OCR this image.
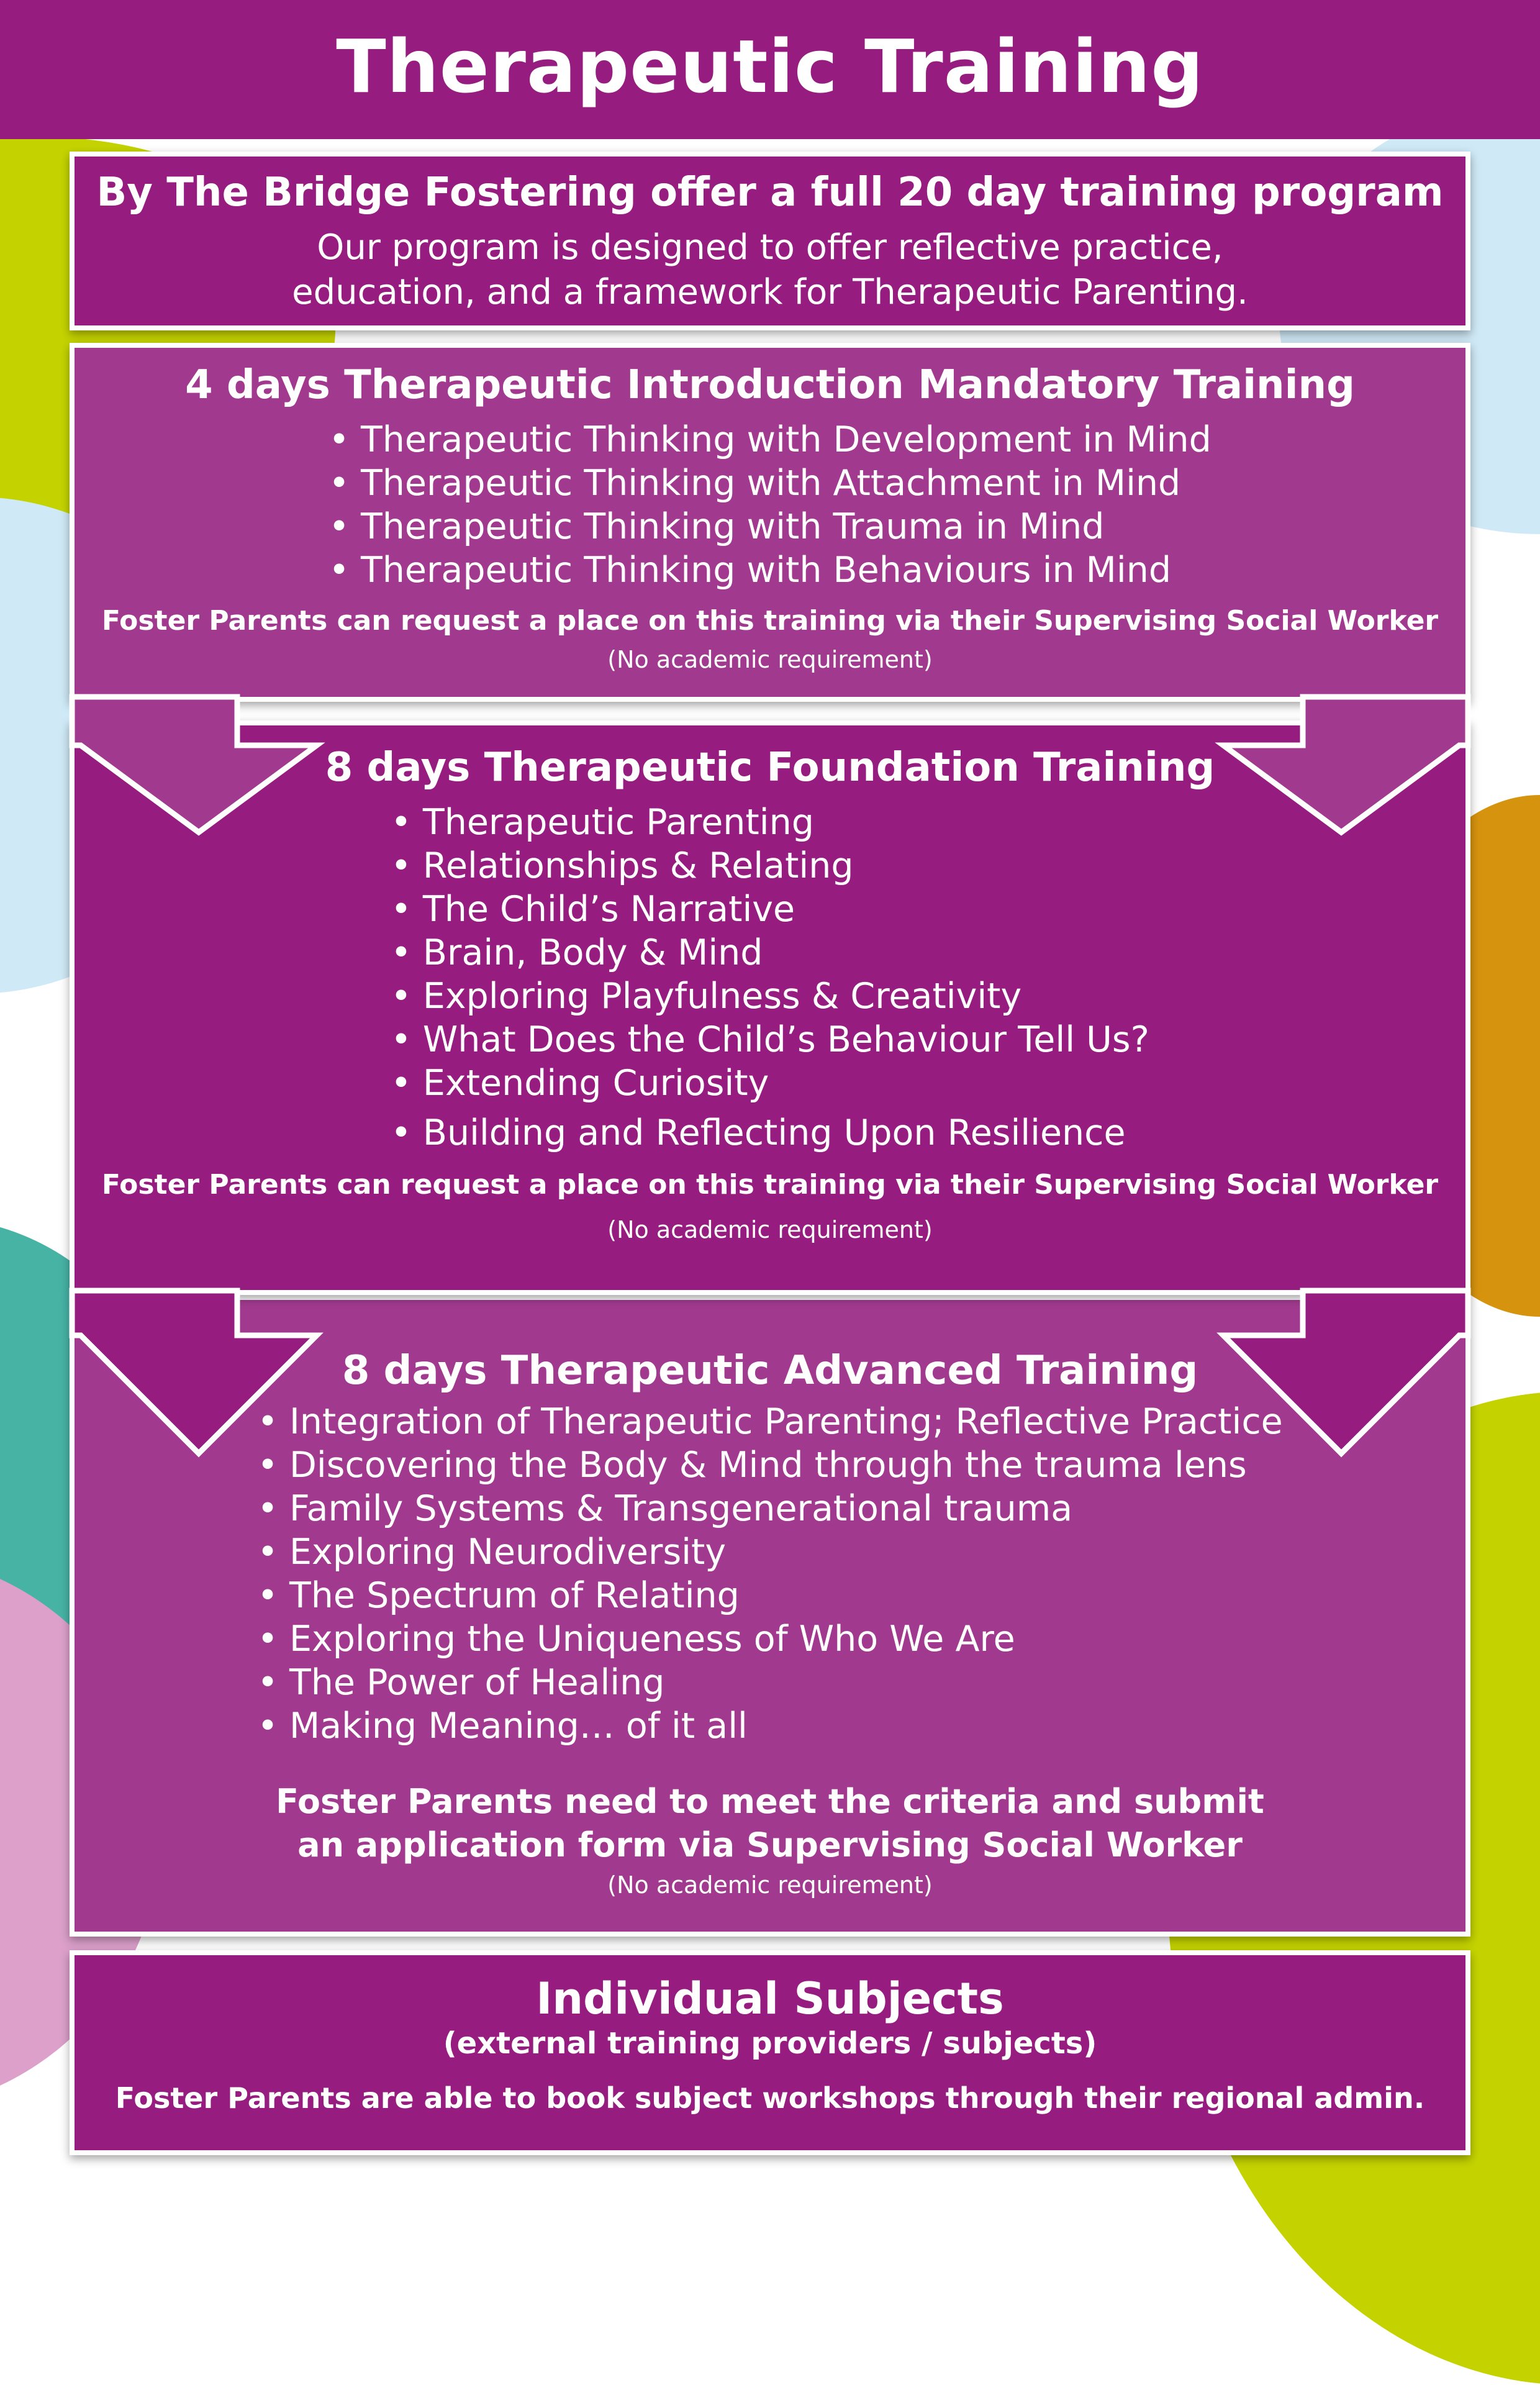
Therapeutic Training
By The Bridge Fostering offer a full 20 day training program
Our program is designed to offer reflective practice,
education, and a framework for Therapeutic Parenting.
8 days Therapeutic Advanced Training
• Integration of Therapeutic Parenting; Reflective Practice
• Discovering the Body & Mind through the trauma lens
• Family Systems & Transgenerational trauma
• Exploring Neurodiversity
• The Spectrum of Relating
• Exploring the Uniqueness of Who We Are
• The Power of Healing
• Making Meaning… of it all
Foster Parents need to meet the criteria and submit
an application form via Supervising Social Worker
(No academic requirement)
8 days Therapeutic Foundation Training
• Therapeutic Parenting
• Relationships & Relating
• The Child’s Narrative
• Brain, Body & Mind
• Exploring Playfulness & Creativity
• What Does the Child’s Behaviour Tell Us?
• Extending Curiosity
• Building and Reflecting Upon Resilience
Foster Parents can request a place on this training via their Supervising Social Worker
(No academic requirement)
4 days Therapeutic Introduction Mandatory Training
• Therapeutic Thinking with Development in Mind
• Therapeutic Thinking with Attachment in Mind
• Therapeutic Thinking with Trauma in Mind
• Therapeutic Thinking with Behaviours in Mind
Foster Parents can request a place on this training via their Supervising Social Worker
(No academic requirement)
Individual Subjects
(external training providers / subjects)
Foster Parents are able to book subject workshops through their regional admin.
